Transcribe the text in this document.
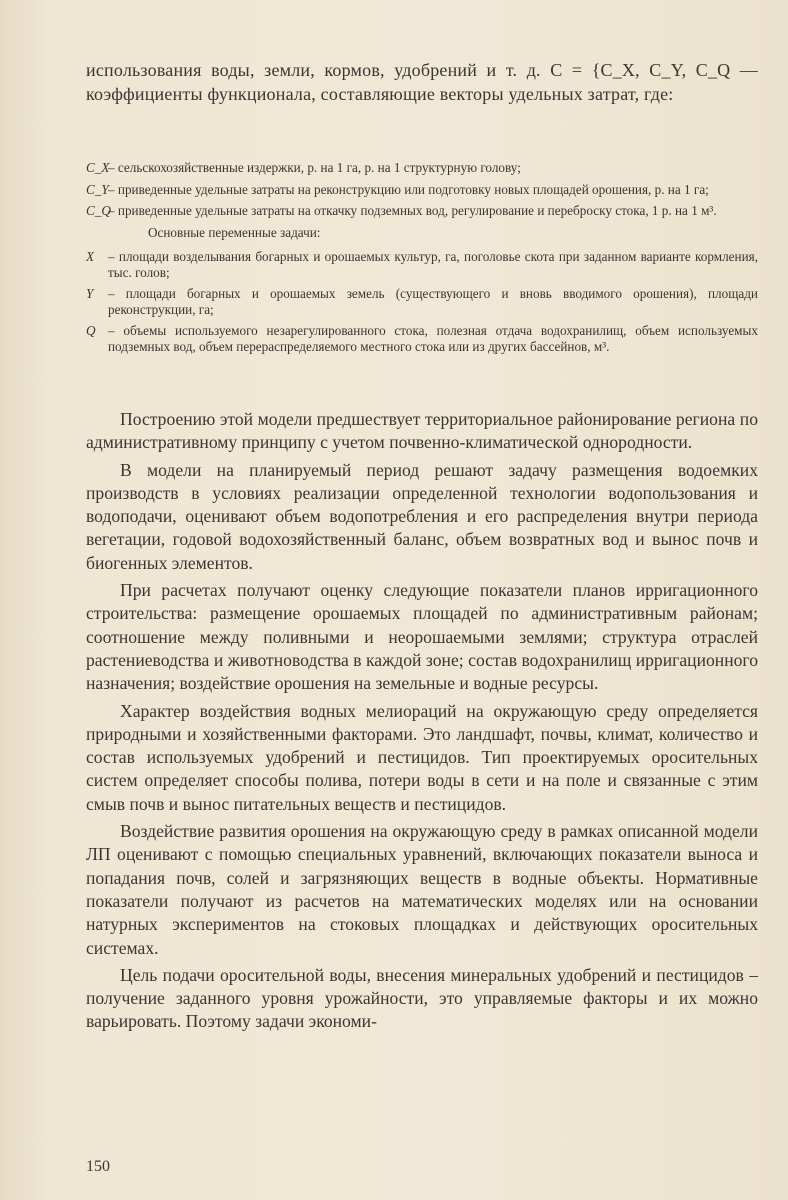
использования воды, земли, кормов, удобрений и т. д. C = {C_X, C_Y, C_Q — коэффициенты функционала, составляющие векторы удельных затрат, где:

C_X
– сельскохозяйственные издержки, р. на 1 га, р. на 1 структурную голову;
C_Y – приведенные удельные затраты на реконструкцию или подготовку новых площадей орошения, р. на 1 га;
C_Q
– приведенные удельные затраты на откачку подземных вод, регулирование и переброску стока, 1 р. на 1 м³.
Основные переменные задачи:
X	– площади возделывания богарных и орошаемых культур, га, поголовье скота при заданном варианте кормления, тыс. голов;
Y	– площади богарных и орошаемых земель (существующего и вновь вводимого орошения), площади реконструкции, га;
Q – объемы используемого незарегулированного стока, полезная отдача водохранилищ, объем используемых подземных вод, объем перераспределяемого местного стока или из других бассейнов, м³.

Построению этой модели предшествует территориальное районирование региона по административному принципу с учетом почвенно-климатической однородности.

В модели на планируемый период решают задачу размещения водоемких производств в условиях реализации определенной технологии водопользования и водоподачи, оценивают объем водопотребления и его распределения внутри периода вегетации, годовой водохозяйственный баланс, объем возвратных вод и вынос почв и биогенных элементов.

При расчетах получают оценку следующие показатели планов ирригационного строительства: размещение орошаемых площадей по административным районам; соотношение между поливными и неорошаемыми землями; структура отраслей растениеводства и животноводства в каждой зоне; состав водохранилищ ирригационного назначения; воздействие орошения на земельные и водные ресурсы.

Характер воздействия водных мелиораций на окружающую среду определяется природными и хозяйственными факторами. Это ландшафт, почвы, климат, количество и состав используемых удобрений и пестицидов. Тип проектируемых оросительных систем определяет способы полива, потери воды в сети и на поле и связанные с этим смыв почв и вынос питательных веществ и пестицидов.

Воздействие развития орошения на окружающую среду в рамках описанной модели ЛП оценивают с помощью специальных уравнений, включающих показатели выноса и попадания почв, солей и загрязняющих веществ в водные объекты. Нормативные показатели получают из расчетов на математических моделях или на основании натурных экспериментов на стоковых площадках и действующих оросительных системах.

Цель подачи оросительной воды, внесения минеральных удобрений и пестицидов – получение заданного уровня урожайности, это управляемые факторы и их можно варьировать. Поэтому задачи экономи-

150
